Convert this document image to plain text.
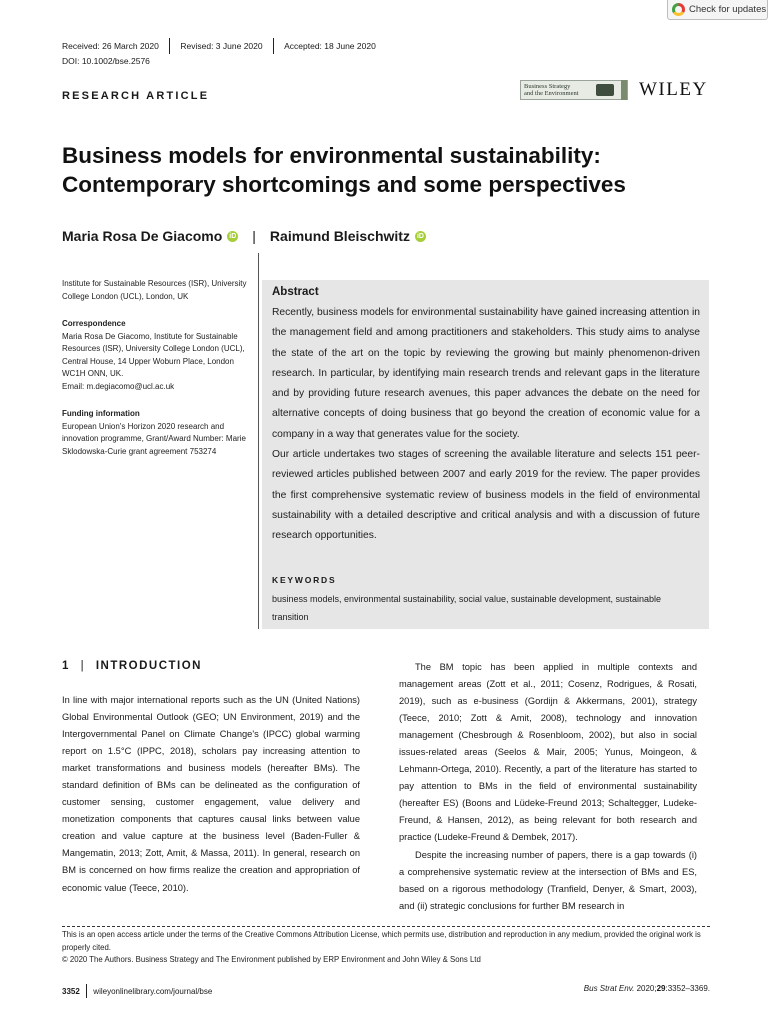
Check for updates
Received: 26 March 2020	Revised: 3 June 2020	Accepted: 18 June 2020
DOI: 10.1002/bse.2576
RESEARCH ARTICLE
Business Strategy
and the Environment	WILEY
Business models for environmental sustainability:
Contemporary shortcomings and some perspectives
Maria Rosa De Giacomo iD | Raimund Bleischwitz iD
Institute for Sustainable Resources (ISR), University College London (UCL), London, UK
Correspondence
Maria Rosa De Giacomo, Institute for Sustainable Resources (ISR), University College London (UCL), Central House, 14 Upper Woburn Place, London WC1H ONN, UK.
Email: m.degiacomo@ucl.ac.uk
Funding information
European Union's Horizon 2020 research and innovation programme, Grant/Award Number: Marie Sklodowska-Curie grant agreement 753274
Abstract

Recently, business models for environmental sustainability have gained increasing attention in the management field and among practitioners and stakeholders. This study aims to analyse the state of the art on the topic by reviewing the growing but mainly phenomenon-driven research. In particular, by identifying main research trends and relevant gaps in the literature and by providing future research avenues, this paper advances the debate on the need for alternative concepts of doing business that go beyond the creation of economic value for a company in a way that generates value for the society.

Our article undertakes two stages of screening the available literature and selects 151 peer-reviewed articles published between 2007 and early 2019 for the review. The paper provides the first comprehensive systematic review of business models in the field of environmental sustainability with a detailed descriptive and critical analysis and with a discussion of future research opportunities.

KEYWORDS
business models, environmental sustainability, social value, sustainable development, sustainable transition
1 | INTRODUCTION

In line with major international reports such as the UN (United Nations) Global Environmental Outlook (GEO; UN Environment, 2019) and the Intergovernmental Panel on Climate Change's (IPCC) global warming report on 1.5°C (IPPC, 2018), scholars pay increasing attention to market transformations and business models (hereafter BMs). The standard definition of BMs can be delineated as the configuration of customer sensing, customer engagement, value delivery and monetization components that captures causal links between value creation and value capture at the business level (Baden-Fuller & Mangematin, 2013; Zott, Amit, & Massa, 2011). In general, research on BM is concerned on how firms realize the creation and appropriation of economic value (Teece, 2010).

The BM topic has been applied in multiple contexts and management areas (Zott et al., 2011; Cosenz, Rodrigues, & Rosati, 2019), such as e-business (Gordijn & Akkermans, 2001), strategy (Teece, 2010; Zott & Amit, 2008), technology and innovation management (Chesbrough & Rosenbloom, 2002), but also in social issues-related areas (Seelos & Mair, 2005; Yunus, Moingeon, & Lehmann-Ortega, 2010). Recently, a part of the literature has started to pay attention to BMs in the field of environmental sustainability (hereafter ES) (Boons and Lüdeke-Freund 2013; Schaltegger, Ludeke-Freund, & Hansen, 2012), as being relevant for both research and practice (Ludeke-Freund & Dembek, 2017).

Despite the increasing number of papers, there is a gap towards (i) a comprehensive systematic review at the intersection of BMs and ES, based on a rigorous methodology (Tranfield, Denyer, & Smart, 2003), and (ii) strategic conclusions for further BM research in

This is an open access article under the terms of the Creative Commons Attribution License, which permits use, distribution and reproduction in any medium, provided the original work is properly cited.
© 2020 The Authors. Business Strategy and The Environment published by ERP Environment and John Wiley & Sons Ltd
3352 wileyonlinelibrary.com/journal/bse	Bus Strat Env. 2020;29:3352–3369.
